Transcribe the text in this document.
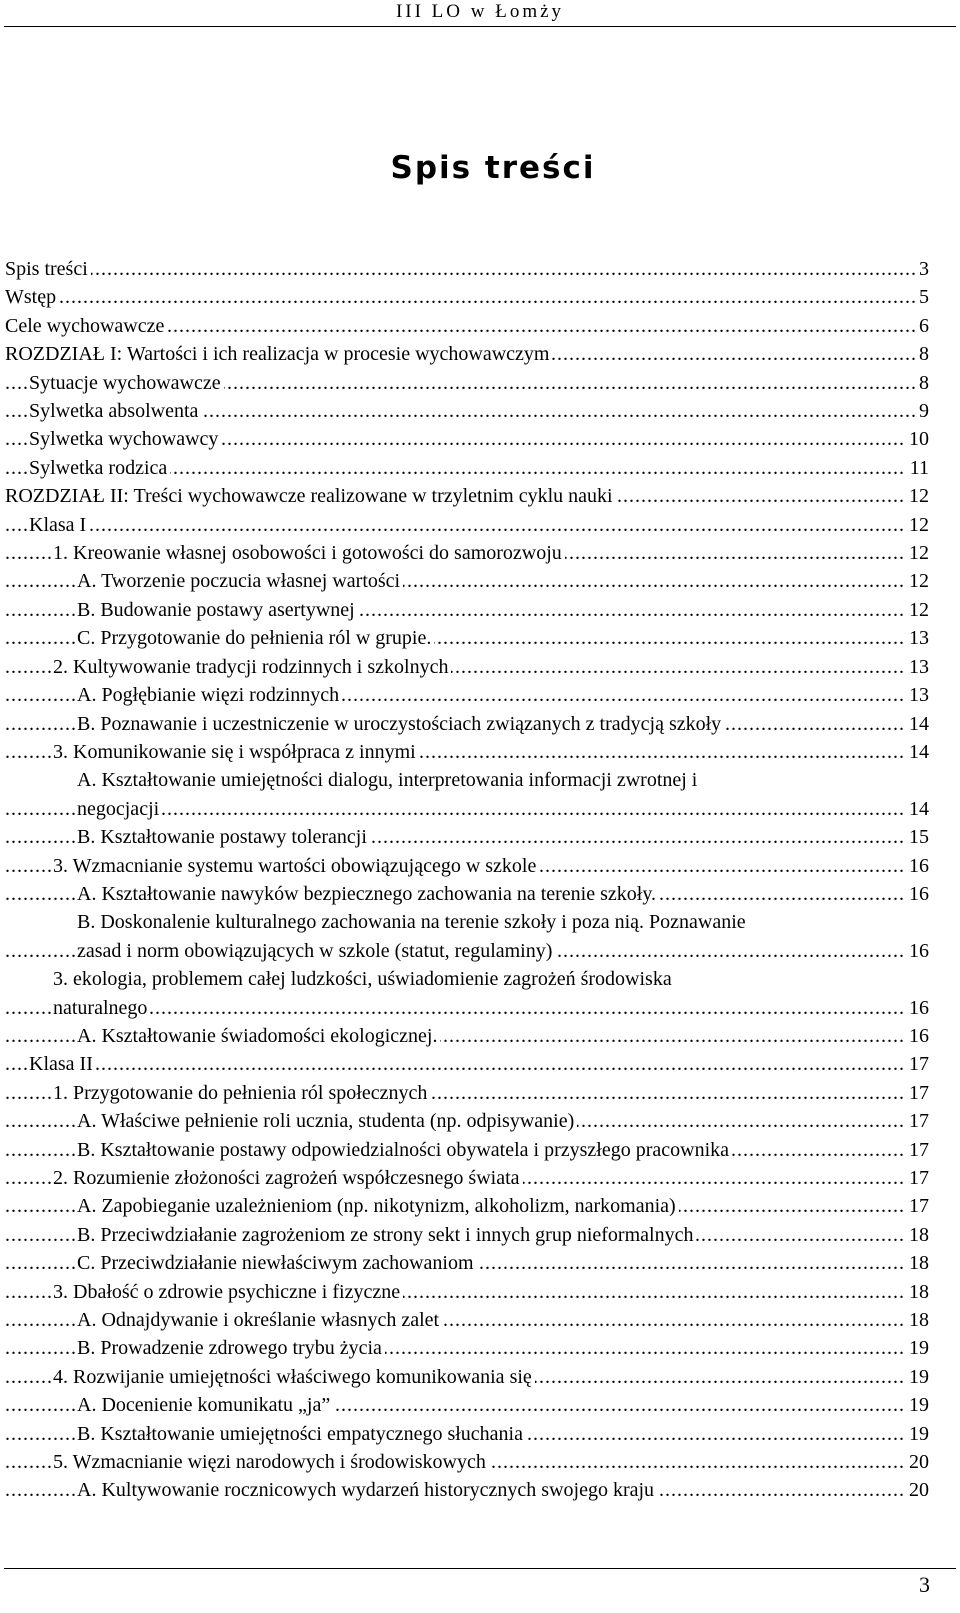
III LO w Łomży
Spis treści
Spis treści	3
.....
Wstęp	5
.....
Cele wychowawcze	6
.....
ROZDZIAŁ I: Wartości i ich realizacja w procesie wychowawczym	8
.....
Sytuacje wychowawcze	8
.....
Sylwetka absolwenta	9
.....
Sylwetka wychowawcy	10
.....
Sylwetka rodzica	11
.....
ROZDZIAŁ II: Treści wychowawcze realizowane w trzyletnim cyklu nauki	12
.....
Klasa I	12
.....
1. Kreowanie własnej osobowości i gotowości do samorozwoju	12
.....
A. Tworzenie poczucia własnej wartości	12
.....
B. Budowanie postawy asertywnej	12
.....
C. Przygotowanie do pełnienia ról w grupie.	13
.....
2. Kultywowanie tradycji rodzinnych i szkolnych	13
.....
A. Pogłębianie więzi rodzinnych	13
.....
B. Poznawanie i uczestniczenie w uroczystościach związanych z tradycją szkoły	14
.....
3. Komunikowanie się i współpraca z innymi	14
.....
A. Kształtowanie umiejętności dialogu, interpretowania informacji zwrotnej i
negocjacji	14
.....
B. Kształtowanie postawy tolerancji	15
.....
3. Wzmacnianie systemu wartości obowiązującego w szkole	16
.....
A. Kształtowanie nawyków bezpiecznego zachowania na terenie szkoły.	16
.....
B. Doskonalenie kulturalnego zachowania na terenie szkoły i poza nią. Poznawanie
zasad i norm obowiązujących w szkole (statut, regulaminy)	16
.....
3. ekologia, problemem całej ludzkości, uświadomienie zagrożeń środowiska
naturalnego	16
.....
A. Kształtowanie świadomości ekologicznej.	16
.....
Klasa II	17
.....
1. Przygotowanie do pełnienia ról społecznych	17
.....
A. Właściwe pełnienie roli ucznia, studenta (np. odpisywanie)	17
.....
B. Kształtowanie postawy odpowiedzialności obywatela i przyszłego pracownika	17
.....
2. Rozumienie złożoności zagrożeń współczesnego świata	17
.....
A. Zapobieganie uzależnieniom (np. nikotynizm, alkoholizm, narkomania)	17
.....
B. Przeciwdziałanie zagrożeniom ze strony sekt i innych grup nieformalnych	18
.....
C. Przeciwdziałanie niewłaściwym zachowaniom	18
.....
3. Dbałość o zdrowie psychiczne i fizyczne	18
.....
A. Odnajdywanie i określanie własnych zalet	18
.....
B. Prowadzenie zdrowego trybu życia	19
.....
4. Rozwijanie umiejętności właściwego komunikowania się	19
.....
A. Docenienie komunikatu „ja”	19
.....
B. Kształtowanie umiejętności empatycznego słuchania	19
.....
5. Wzmacnianie więzi narodowych i środowiskowych	20
.....
A. Kultywowanie rocznicowych wydarzeń historycznych swojego kraju	20
.....
3
